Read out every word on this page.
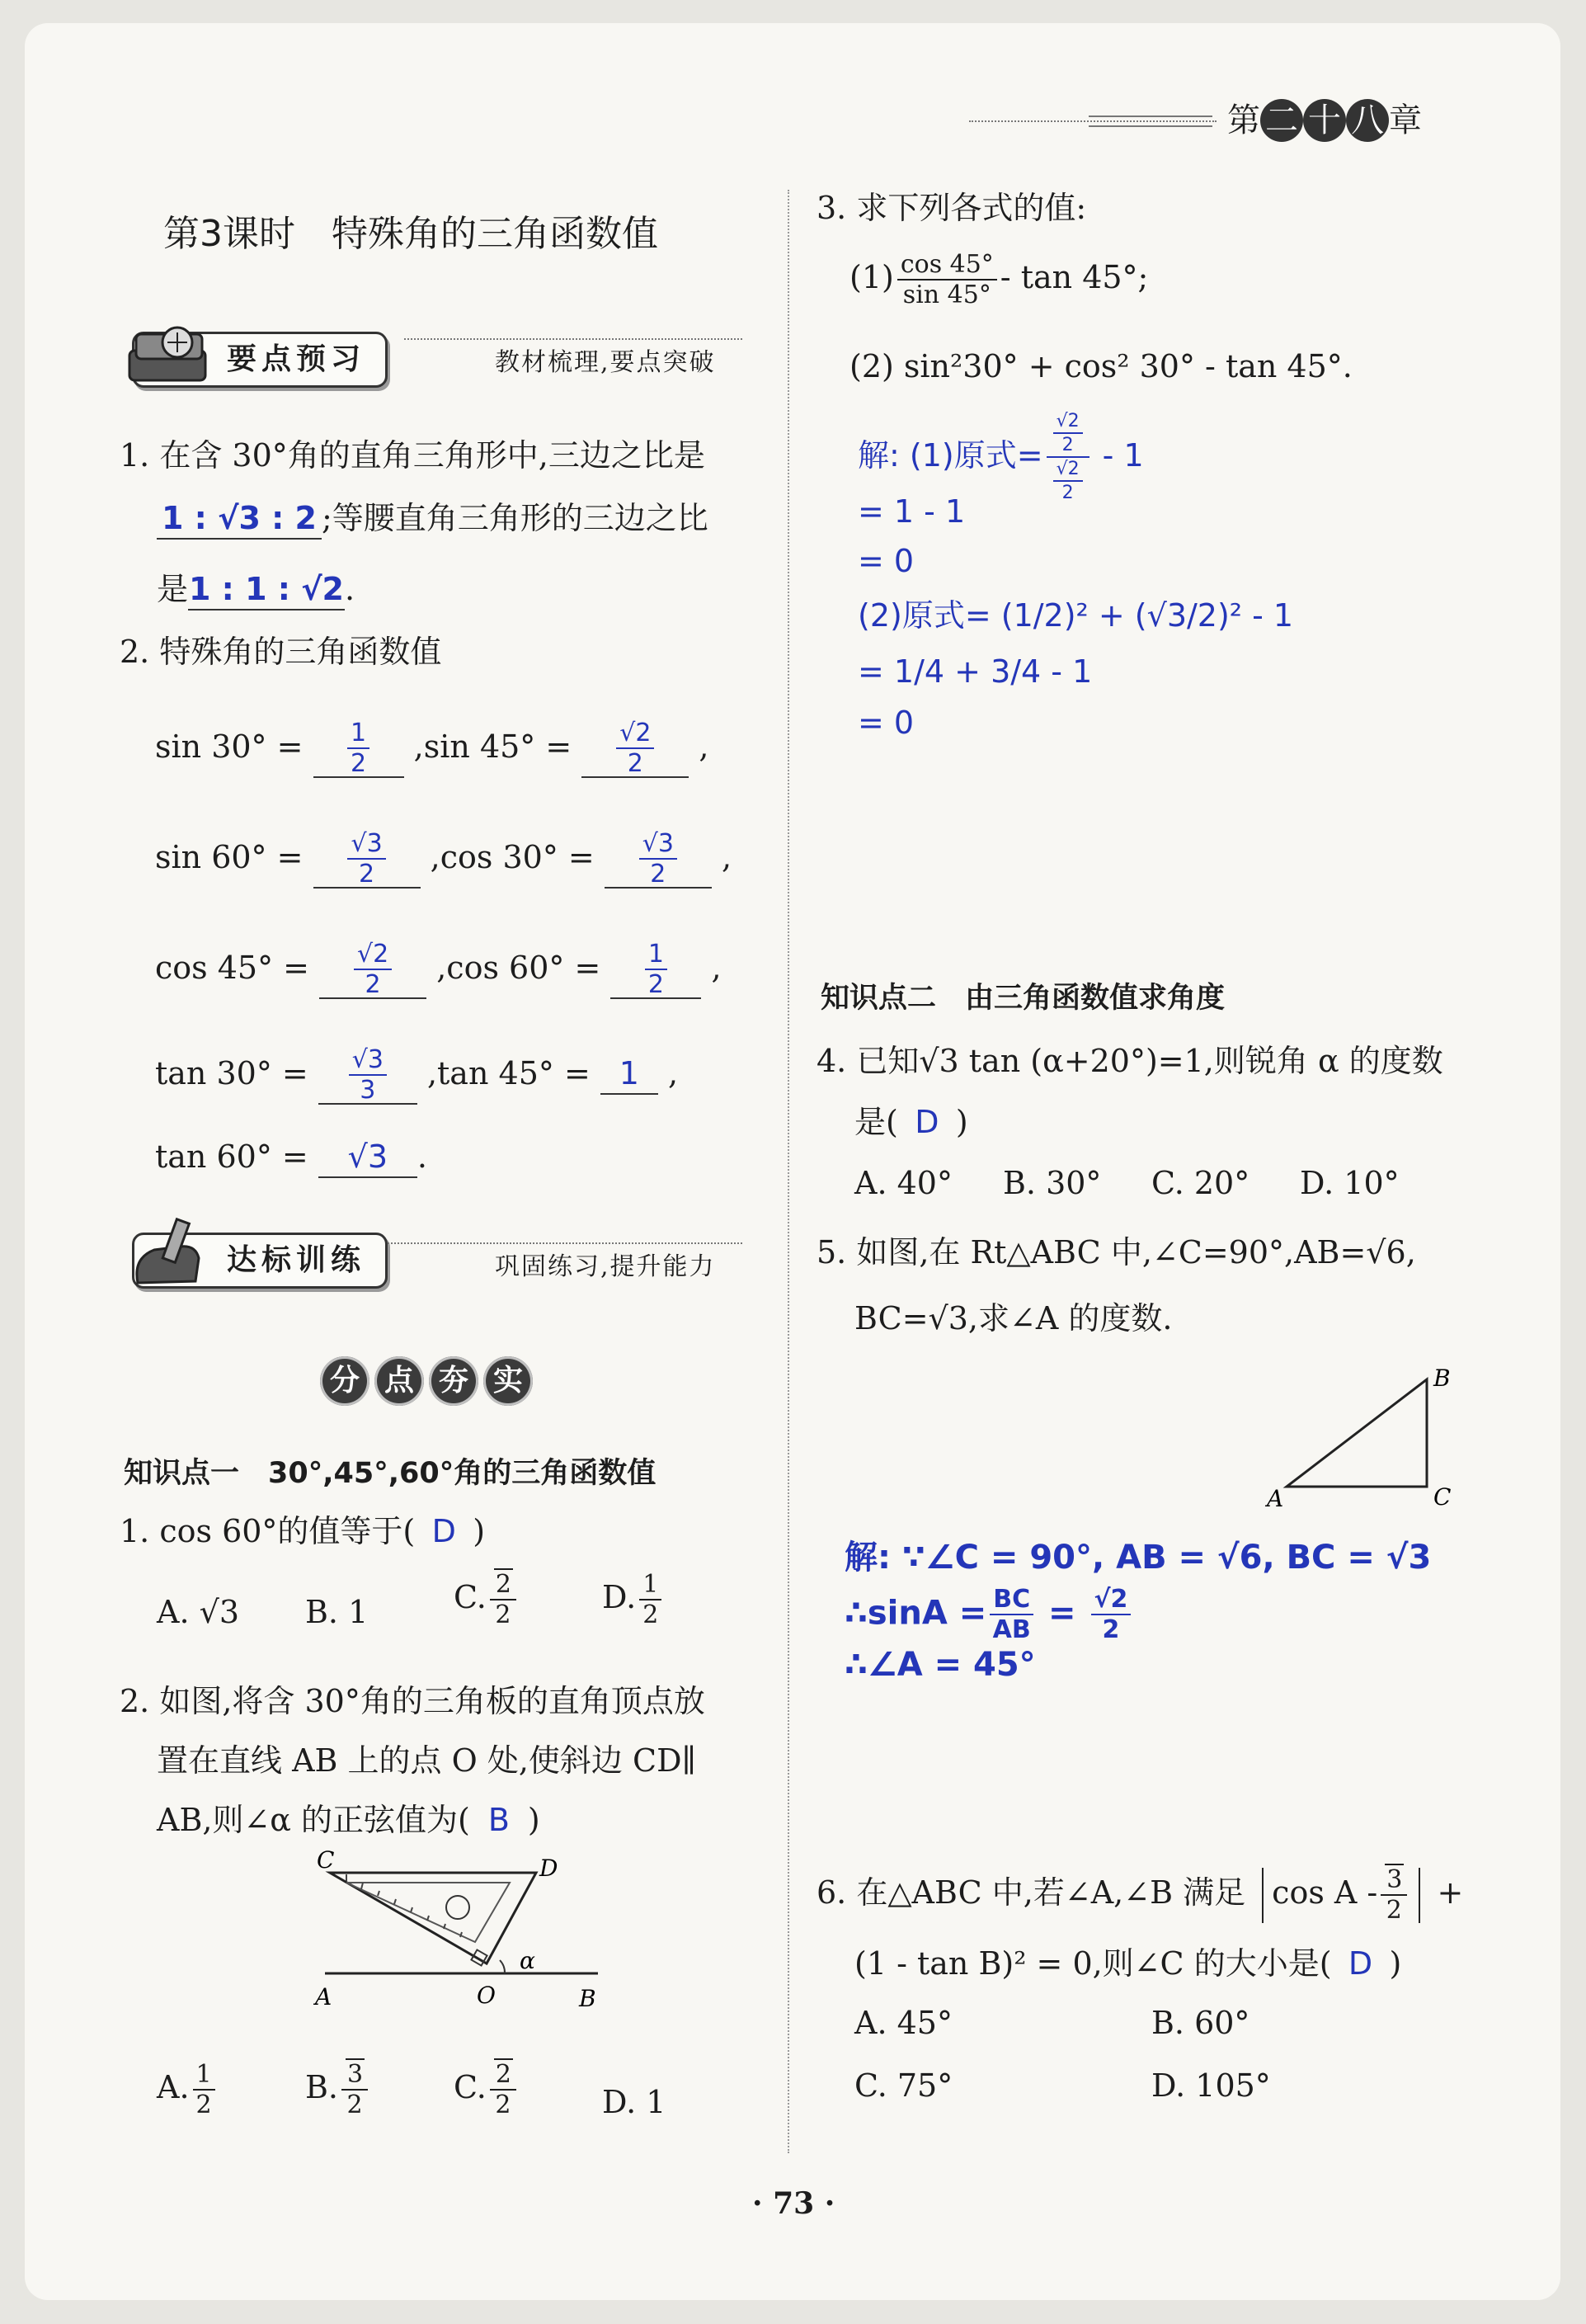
第 二 十 八 章
第3课时　特殊角的三角函数值
要点预习	教材梳理,要点突破
1. 在含 30°角的直角三角形中,三边之比是
1 : √3 : 2 ;等腰直角三角形的三边之比
是1 : 1 : √2.
2. 特殊角的三角函数值
$\sin 30^\circ = \frac{1}{2} ,\sin$ $45^\circ = \frac{√2}{2}$ ,
$\sin 60^\circ = \frac{√3}{2} ,\cos$ $30^\circ = \frac{√3}{2}$ ,
$\cos 45^\circ = \frac{√2}{2} ,\cos$ $60^\circ = \frac{1}{2}$ ,
$\tan 30^\circ = \frac{√3}{3} ,\tan$ 45° = 1 ,
tan 60° = √3 .
达标训练	巩固练习,提升能力
分 点 夯 实
知识点一　30°,45°,60°角的三角函数值
1. cos 60°的值等于( D )
A. √3 B. 1	C. $\frac{2}{2}$	D. $\frac{1}{2}$
2. 如图,将含 30°角的三角板的直角顶点放
置在直线 AB 上的点 O 处,使斜边 CD∥
AB,则∠α 的正弦值为( B )
C	D
α
A	O	B
A. $\frac{1}{2}$	B. $\frac{3}{2}$	C. $\frac{2}{2}$	D. 1
3. 求下列各式的值:
$(1) \frac{\cos 45^\circ}{\sin 45^\circ}$ - tan 45°;
(2) sin²30° + cos² 30° - tan 45°.
解: (1)原式= $\frac{\frac{√2}{2}}{\frac{√2}{2}} - 1$
= 1 - 1
= 0
(2)原式= (1/2)² + (√3/2)² - 1
= 1/4 + 3/4 - 1
= 0
知识点二　由三角函数值求角度
4. 已知√3 tan (α+20°)=1,则锐角 α 的度数
是( D )
A. 40° B. 30° C. 20° D. 10°
5. 如图,在 Rt△ABC 中,∠C=90°,AB=√6,
BC=√3,求∠A 的度数.
B
A	C
解: ∵∠C = 90°, AB = √6, BC = √3
∴sinA = $\frac{BC}{AB} = \frac{√2}{2}$
∴∠A = 45°
6. 在△ABC 中,若∠A,∠B 满足 cos A - $\frac{3}{2}$ +
(1 - tan B)² = 0,则∠C 的大小是( D )
A. 45°	B. 60°
C. 75°	D. 105°
· 73 ·
